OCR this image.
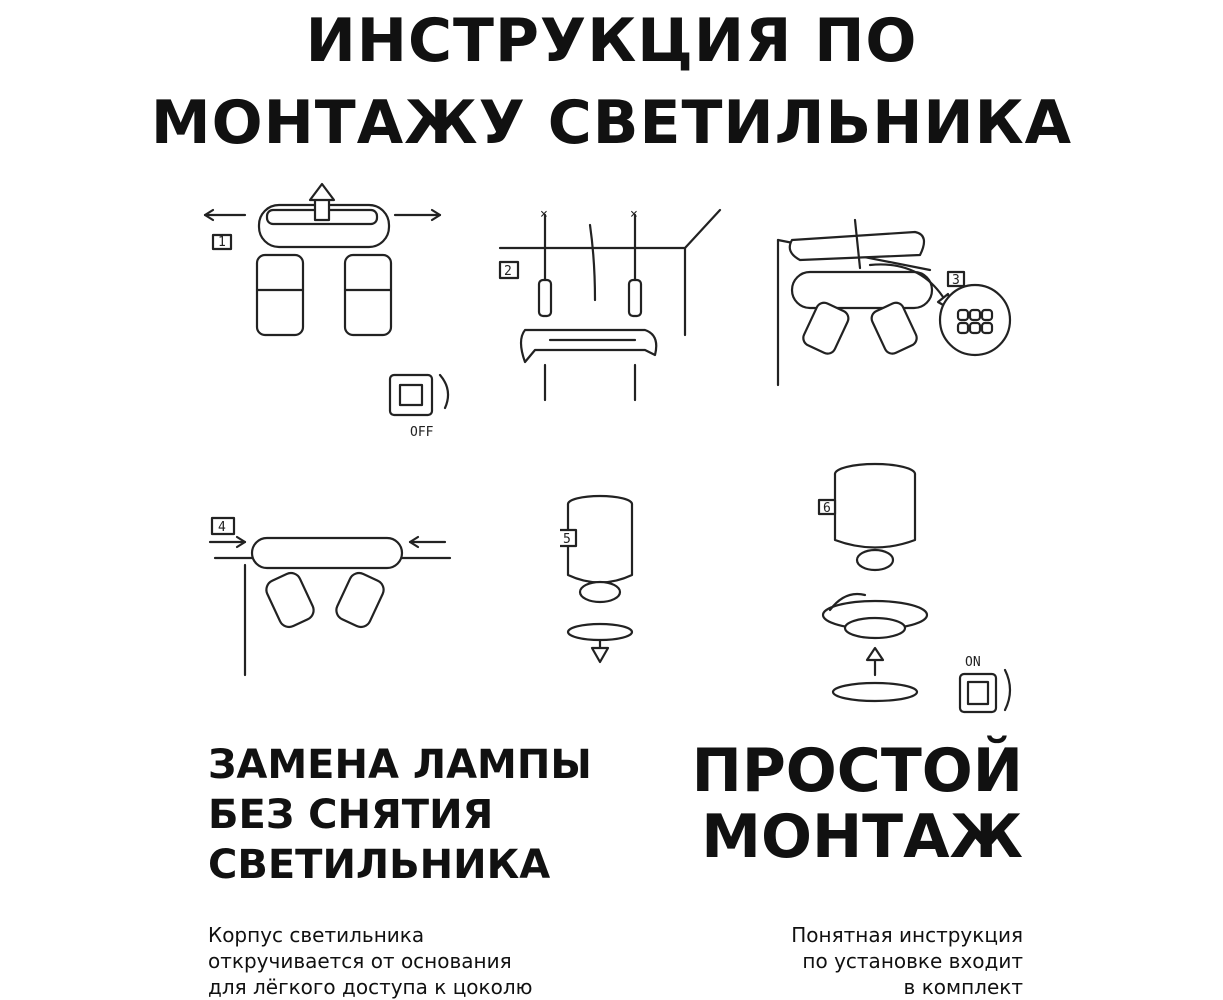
ИНСТРУКЦИЯ ПО
МОНТАЖУ СВЕТИЛЬНИКА
1
OFF
×	×
2
3
4
5
6
ON
ЗАМЕНА ЛАМПЫ
БЕЗ СНЯТИЯ
СВЕТИЛЬНИКА
ПРОСТОЙ
МОНТАЖ
Корпус светильника
откручивается от основания
для лёгкого доступа к цоколю
Понятная инструкция
по установке входит
в комплект
